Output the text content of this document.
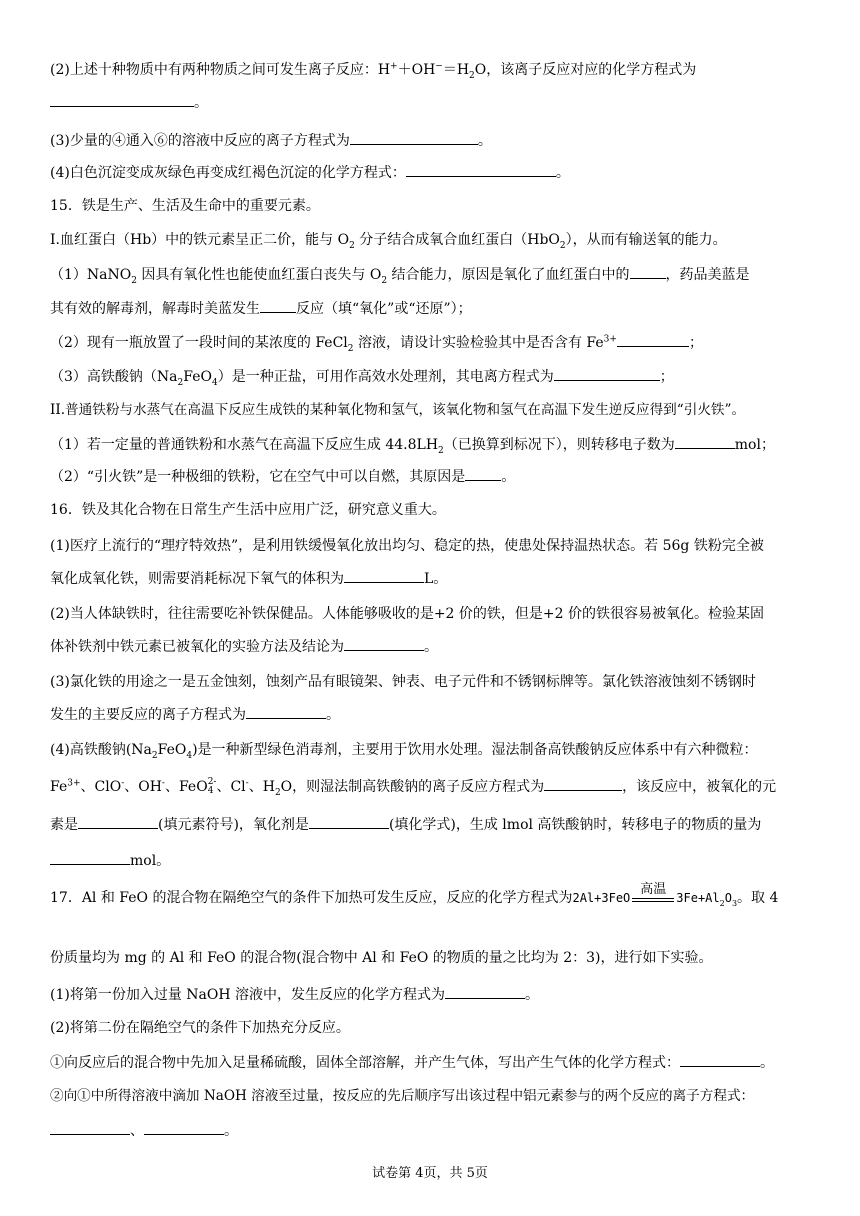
(2)上述十种物质中有两种物质之间可发生离子反应：$H^++OH^-=H_2O$，该离子反应对应的化学方程式为
。
(3)少量的④通入⑥的溶液中反应的离子方程式为	。
(4)白色沉淀变成灰绿色再变成红褐色沉淀的化学方程式：	。
15．铁是生产、生活及生命中的重要元素。
I.血红蛋白（Hb）中的铁元素呈正二价，能与 $O_2$ 分子结合成氧合血红蛋白（HbO$_2$），从而有输送氧的能力。
（1）NaNO$_2$ 因具有氧化性也能使血红蛋白丧失与 $O_2$ 结合能力，原因是氧化了血红蛋白中的	，药品美蓝是
其有效的解毒剂，解毒时美蓝发生	反应（填“氧化”或“还原”）；
（2）现有一瓶放置了一段时间的某浓度的 FeCl$_2$ 溶液，请设计实验检验其中是否含有 $Fe^{3+}$	；
（3）高铁酸钠$(Na_2FeO_4)$是一种正盐，可用作高效水处理剂，其电离方程式为	；
II.普通铁粉与水蒸气在高温下反应生成铁的某种氧化物和氢气，该氧化物和氢气在高温下发生逆反应得到“引火铁”。
（1）若一定量的普通铁粉和水蒸气在高温下反应生成 $44.8LH_2$（已换算到标况下），则转移电子数为	mol；
（2）“引火铁”是一种极细的铁粉，它在空气中可以自燃，其原因是	。
16．铁及其化合物在日常生产生活中应用广泛，研究意义重大。
(1)医疗上流行的“理疗特效热”，是利用铁缓慢氧化放出均匀、稳定的热，使患处保持温热状态。若 56g 铁粉完全被
氧化成氧化铁，则需要消耗标况下氧气的体积为	L。
(2)当人体缺铁时，往往需要吃补铁保健品。人体能够吸收的是+2 价的铁，但是+2 价的铁很容易被氧化。检验某固
体补铁剂中铁元素已被氧化的实验方法及结论为	。
(3)氯化铁的用途之一是五金蚀刻，蚀刻产品有眼镜架、钟表、电子元件和不锈钢标牌等。氯化铁溶液蚀刻不锈钢时
发生的主要反应的离子方程式为	。
(4)高铁酸钠$(Na_2FeO_4)$是一种新型绿色消毒剂，主要用于饮用水处理。湿法制备高铁酸钠反应体系中有六种微粒：
$Fe^{3+}$、ClO-、OH-、FeO 2-
4 、Cl-、$H_2O$，则湿法制高铁酸钠的离子反应方程式为	，该反应中，被氧化的元
素是	(填元素符号)，氧化剂是	(填化学式)，生成 lmol 高铁酸钠时，转移电子的物质的量为
mol。
17．Al 和 FeO 的混合物在隔绝空气的条件下加热可发生反应，反应的化学方程式为2Al+3FeO
高温
$3Fe+Al_2O_3$。取 4
份质量均为 mg 的 Al 和 FeO 的混合物(混合物中 Al 和 FeO 的物质的量之比均为 2：3)，进行如下实验。
(1)将第一份加入过量 NaOH 溶液中，发生反应的化学方程式为	。
(2)将第二份在隔绝空气的条件下加热充分反应。
①向反应后的混合物中先加入足量稀硫酸，固体全部溶解，并产生气体，写出产生气体的化学方程式：	。
②向①中所得溶液中滴加 NaOH 溶液至过量，按反应的先后顺序写出该过程中铝元素参与的两个反应的离子方程式：
、	。
试卷第 4页，共 5页
